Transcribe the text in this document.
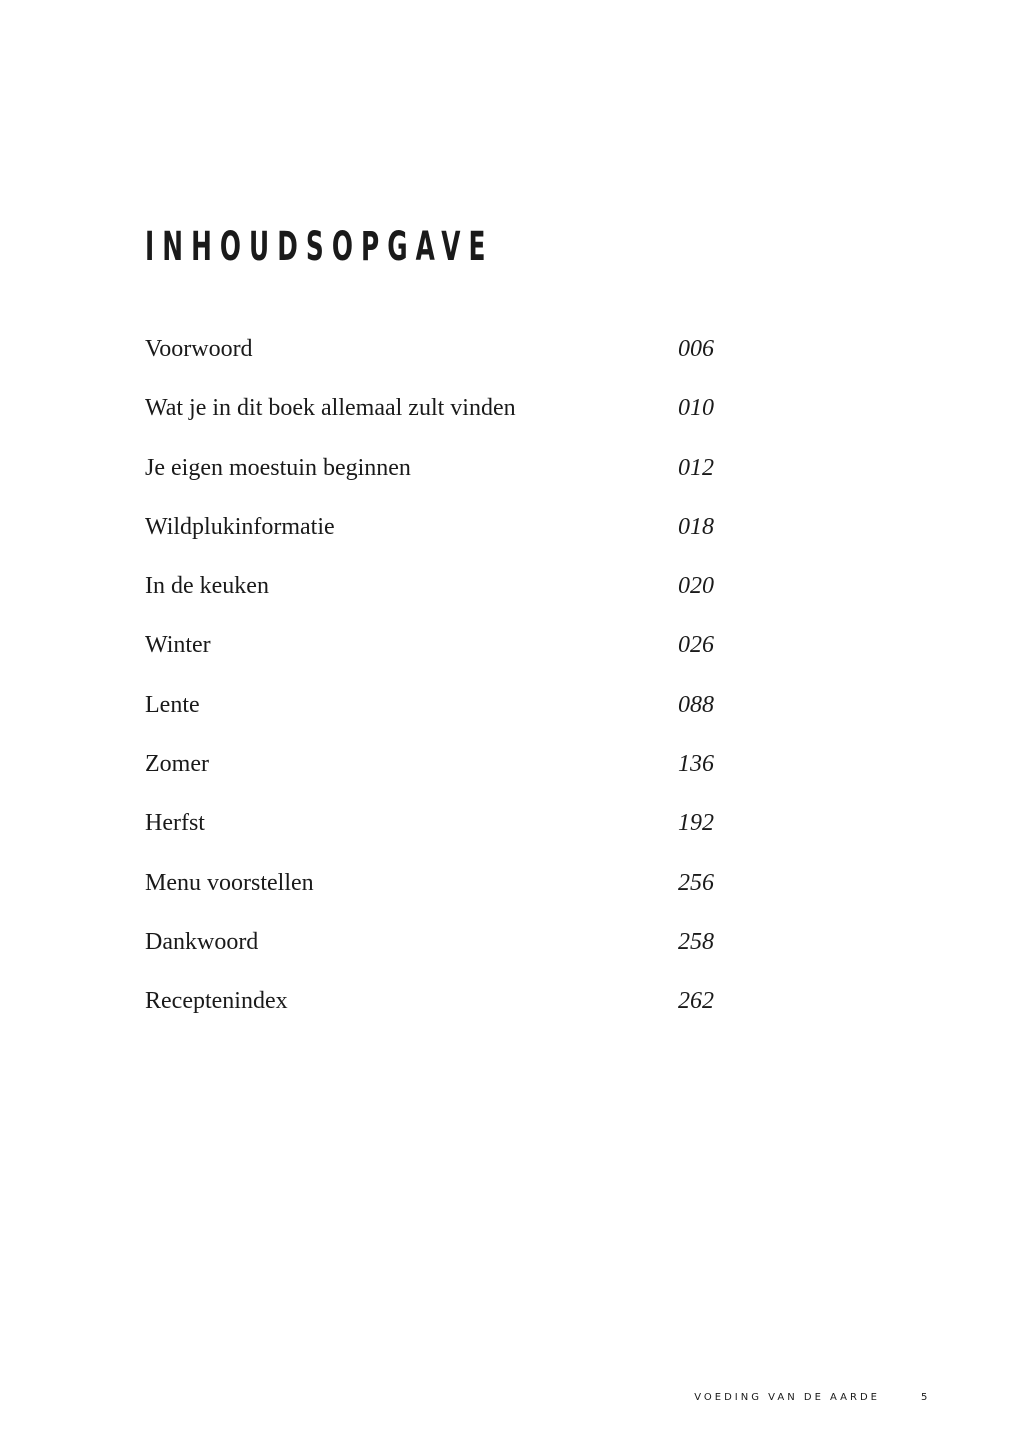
INHOUDSOPGAVE
Voorwoord	006
Wat je in dit boek allemaal zult vinden	010
Je eigen moestuin beginnen	012
Wildplukinformatie	018
In de keuken	020
Winter	026
Lente	088
Zomer	136
Herfst	192
Menu voorstellen	256
Dankwoord	258
Receptenindex	262
VOEDING VAN DE AARDE	5
